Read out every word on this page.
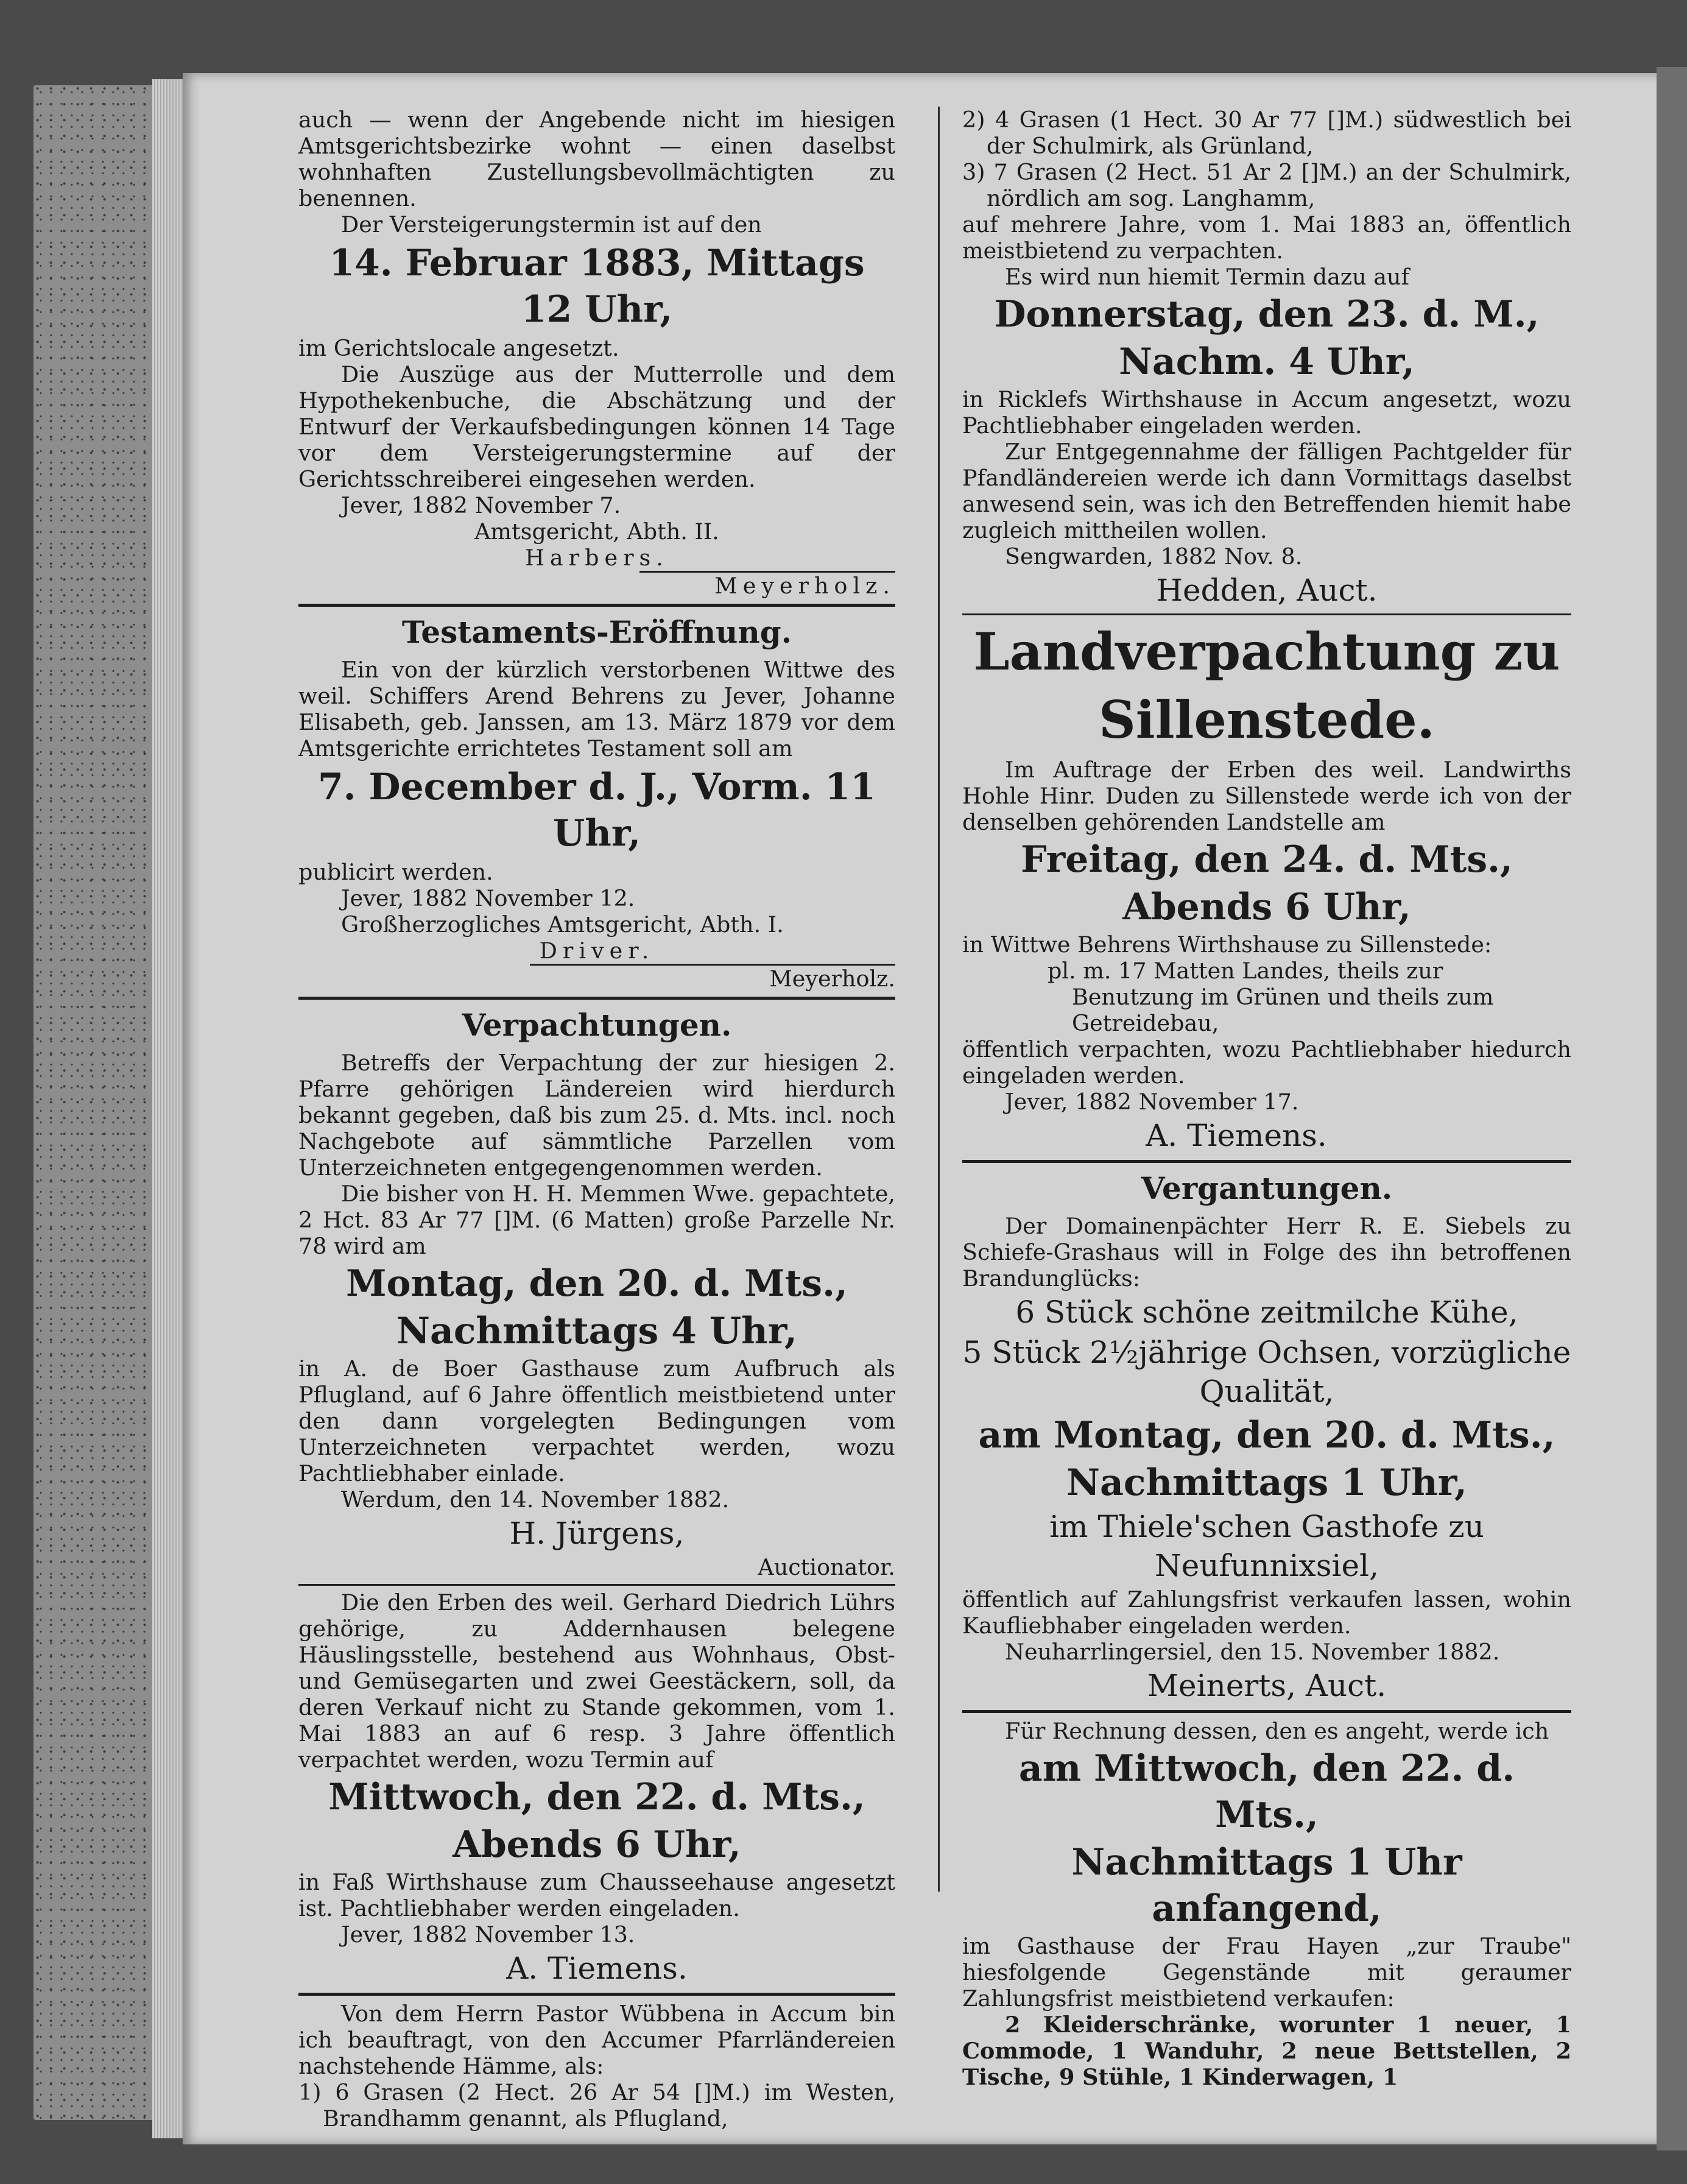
auch — wenn der Angebende nicht im hiesigen Amtsgerichtsbezirke wohnt — einen daselbst wohnhaften Zustellungsbevollmächtigten zu benennen.

Der Versteigerungstermin ist auf den

14. Februar 1883, Mittags 12 Uhr,

im Gerichtslocale angesetzt.

Die Auszüge aus der Mutterrolle und dem Hypothekenbuche, die Abschätzung und der Entwurf der Verkaufsbedingungen können 14 Tage vor dem Versteigerungstermine auf der Gerichtsschreiberei eingesehen werden.

Jever, 1882 November 7.

Amtsgericht, Abth. II.

Harbers.

Meyerholz.

Testaments-Eröffnung.

Ein von der kürzlich verstorbenen Wittwe des weil. Schiffers Arend Behrens zu Jever, Johanne Elisabeth, geb. Janssen, am 13. März 1879 vor dem Amtsgerichte errichtetes Testament soll am

7. December d. J., Vorm. 11 Uhr,

publicirt werden.

Jever, 1882 November 12.

Großherzogliches Amtsgericht, Abth. I.

Driver.

Meyerholz.

Verpachtungen.

Betreffs der Verpachtung der zur hiesigen 2. Pfarre gehörigen Ländereien wird hierdurch bekannt gegeben, daß bis zum 25. d. Mts. incl. noch Nachgebote auf sämmtliche Parzellen vom Unterzeichneten entgegengenommen werden.

Die bisher von H. H. Memmen Wwe. gepachtete, 2 Hct. 83 Ar 77 []M. (6 Matten) große Parzelle Nr. 78 wird am

Montag, den 20. d. Mts.,

Nachmittags 4 Uhr,

in A. de Boer Gasthause zum Aufbruch als Pflugland, auf 6 Jahre öffentlich meistbietend unter den dann vorgelegten Bedingungen vom Unterzeichneten verpachtet werden, wozu Pachtliebhaber einlade.

Werdum, den 14. November 1882.

H. Jürgens,

Auctionator.

Die den Erben des weil. Gerhard Diedrich Lührs gehörige, zu Addernhausen belegene Häuslingsstelle, bestehend aus Wohnhaus, Obst- und Gemüsegarten und zwei Geestäckern, soll, da deren Verkauf nicht zu Stande gekommen, vom 1. Mai 1883 an auf 6 resp. 3 Jahre öffentlich verpachtet werden, wozu Termin auf

Mittwoch, den 22. d. Mts.,

Abends 6 Uhr,

in Faß Wirthshause zum Chausseehause angesetzt ist. Pachtliebhaber werden eingeladen.

Jever, 1882 November 13.

A. Tiemens.

Von dem Herrn Pastor Wübbena in Accum bin ich beauftragt, von den Accumer Pfarrländereien nachstehende Hämme, als:

1) 6 Grasen (2 Hect. 26 Ar 54 []M.) im Westen, Brandhamm genannt, als Pflugland,

2) 4 Grasen (1 Hect. 30 Ar 77 []M.) südwestlich bei der Schulmirk, als Grünland,

3) 7 Grasen (2 Hect. 51 Ar 2 []M.) an der Schulmirk, nördlich am sog. Langhamm,

auf mehrere Jahre, vom 1. Mai 1883 an, öffentlich meistbietend zu verpachten.

Es wird nun hiemit Termin dazu auf

Donnerstag, den 23. d. M.,

Nachm. 4 Uhr,

in Ricklefs Wirthshause in Accum angesetzt, wozu Pachtliebhaber eingeladen werden.

Zur Entgegennahme der fälligen Pachtgelder für Pfandländereien werde ich dann Vormittags daselbst anwesend sein, was ich den Betreffenden hiemit habe zugleich mittheilen wollen.

Sengwarden, 1882 Nov. 8.

Hedden, Auct.

Landverpachtung zu

Sillenstede.

Im Auftrage der Erben des weil. Landwirths Hohle Hinr. Duden zu Sillenstede werde ich von der denselben gehörenden Landstelle am

Freitag, den 24. d. Mts.,

Abends 6 Uhr,

in Wittwe Behrens Wirthshause zu Sillenstede:

pl. m. 17 Matten Landes, theils zur Benutzung im Grünen und theils zum Getreidebau,

öffentlich verpachten, wozu Pachtliebhaber hiedurch eingeladen werden.

Jever, 1882 November 17.

A. Tiemens.

Vergantungen.

Der Domainenpächter Herr R. E. Siebels zu Schiefe-Grashaus will in Folge des ihn betroffenen Brandunglücks:

6 Stück schöne zeitmilche Kühe,

5 Stück 2½jährige Ochsen, vorzügliche Qualität,

am Montag, den 20. d. Mts.,

Nachmittags 1 Uhr,

im Thiele'schen Gasthofe zu Neufunnixsiel,

öffentlich auf Zahlungsfrist verkaufen lassen, wohin Kaufliebhaber eingeladen werden.

Neuharrlingersiel, den 15. November 1882.

Meinerts, Auct.

Für Rechnung dessen, den es angeht, werde ich

am Mittwoch, den 22. d. Mts.,

Nachmittags 1 Uhr anfangend,

im Gasthause der Frau Hayen „zur Traube" hiesfolgende Gegenstände mit geraumer Zahlungsfrist meistbietend verkaufen:

2 Kleiderschränke, worunter 1 neuer, 1 Commode, 1 Wanduhr, 2 neue Bettstellen, 2 Tische, 9 Stühle, 1 Kinderwagen, 1
